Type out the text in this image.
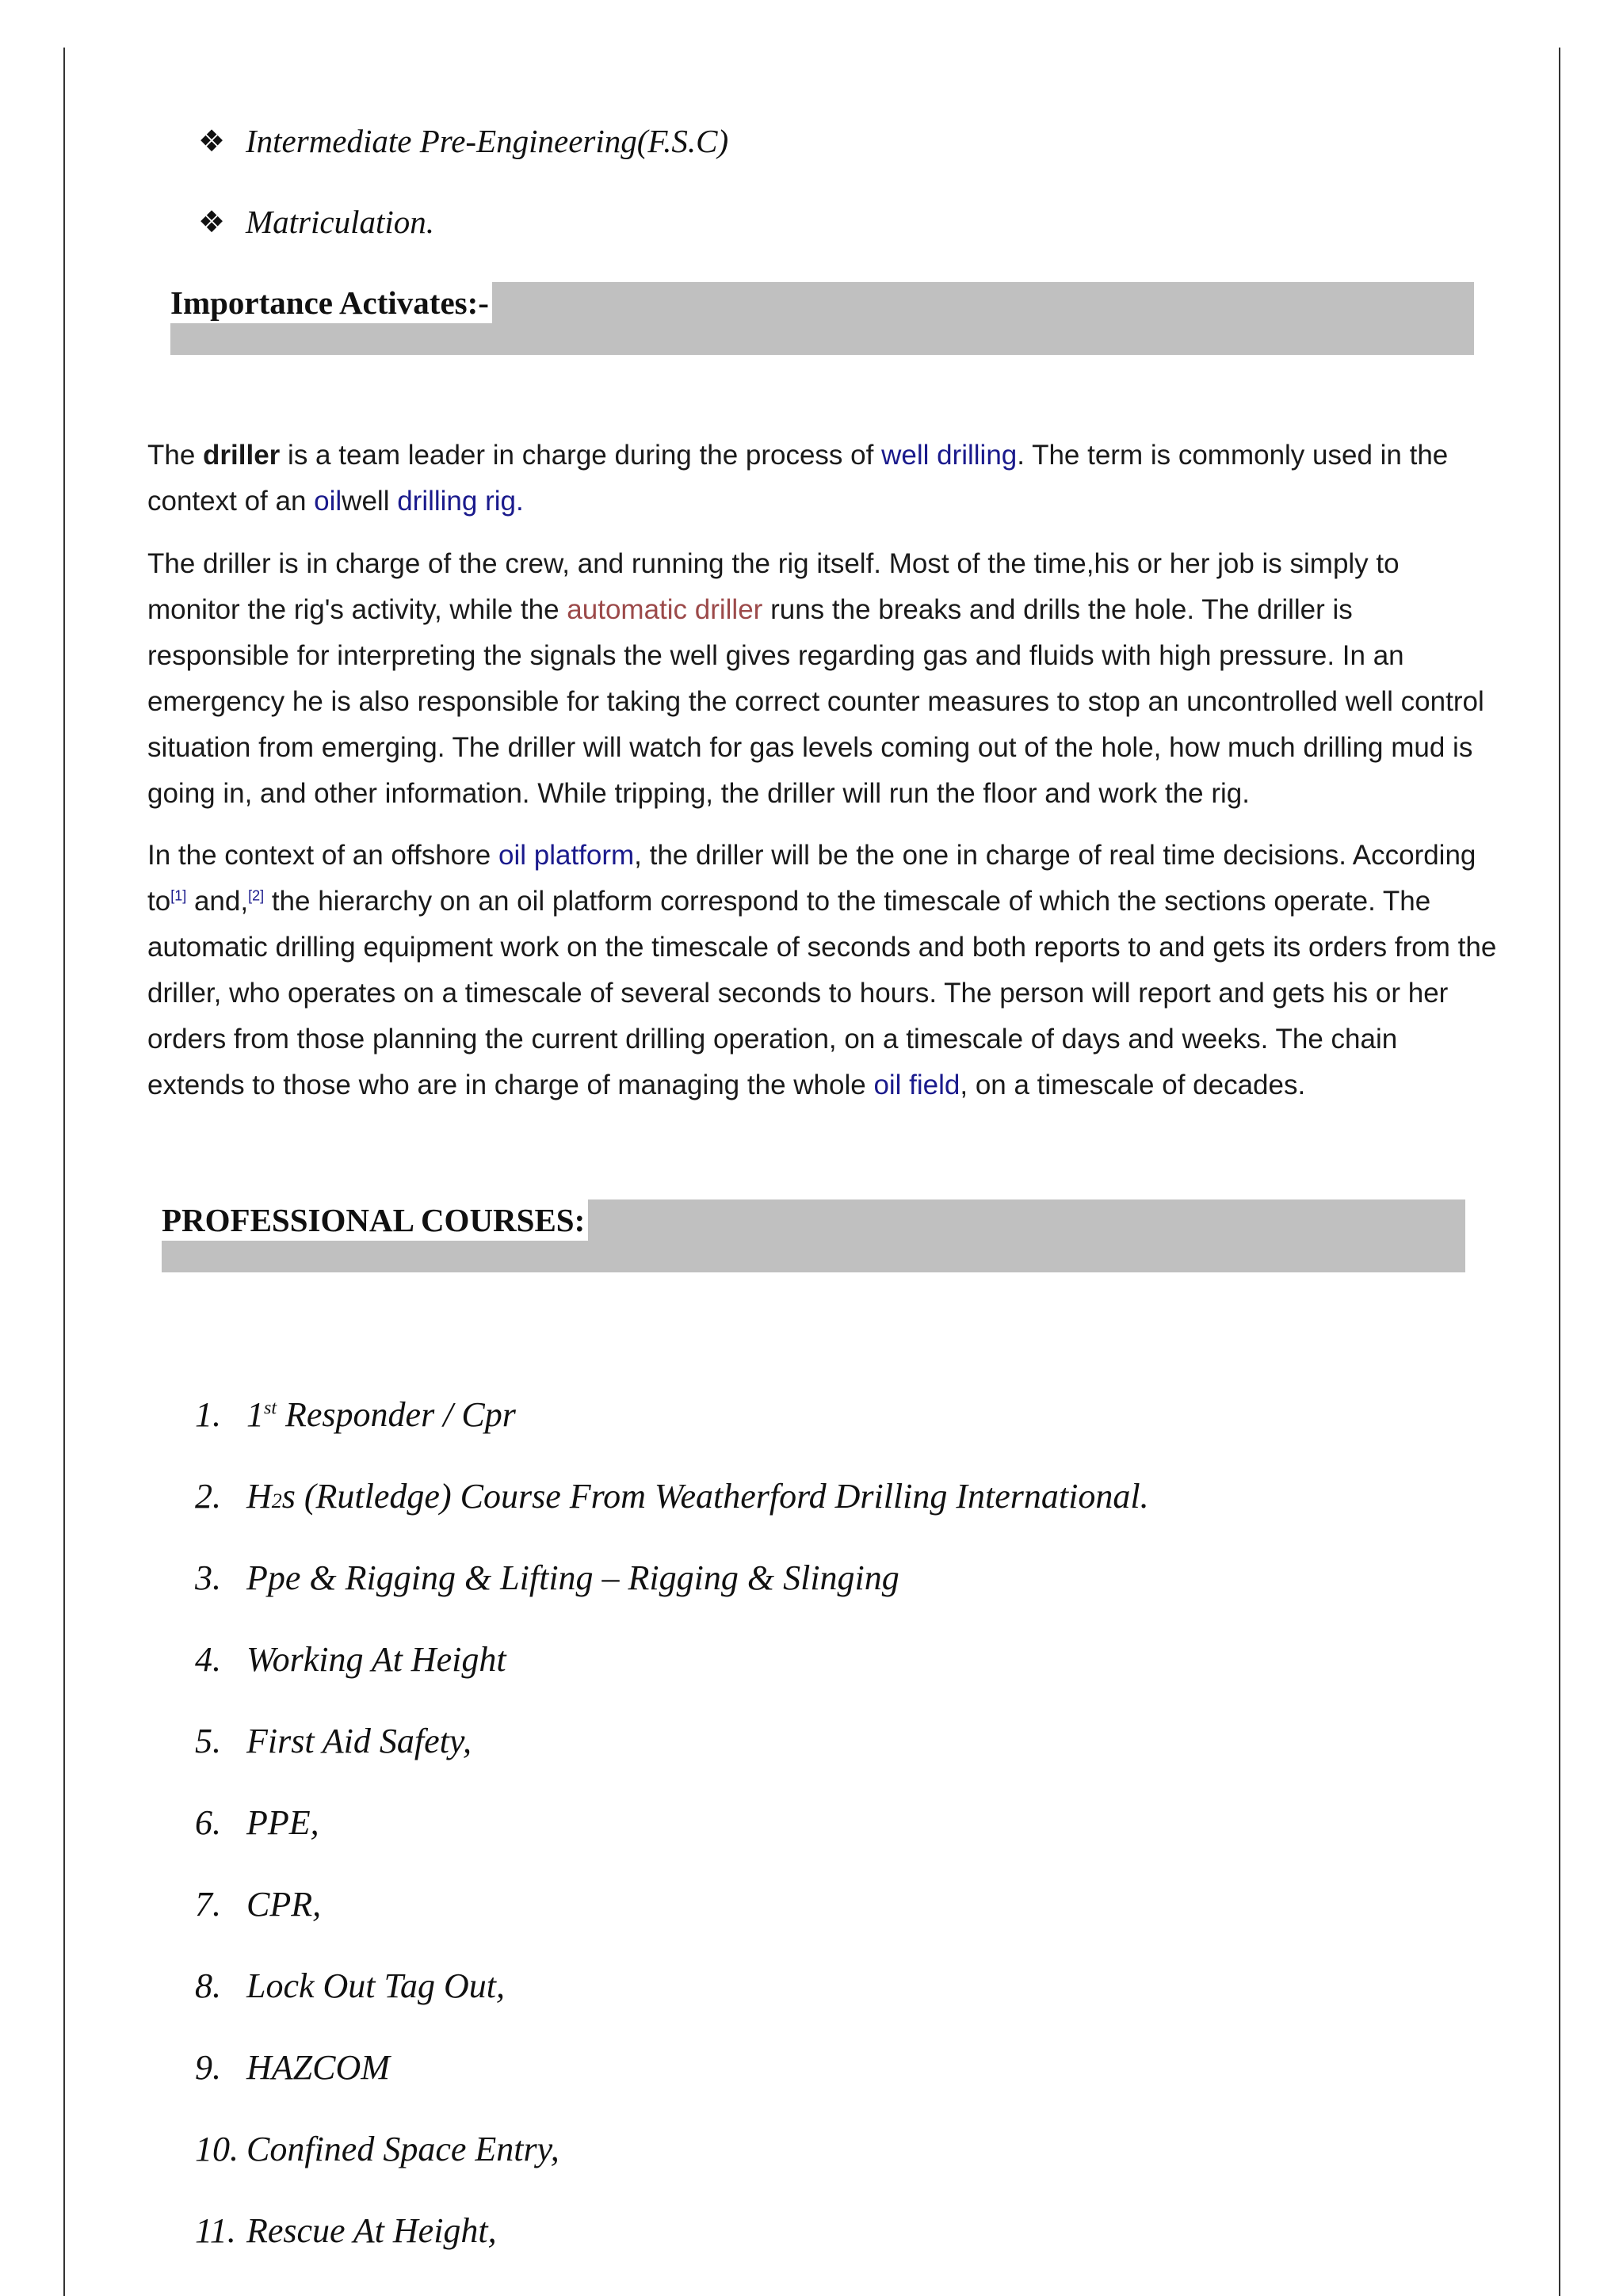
❖ Intermediate Pre-Engineering(F.S.C)
❖ Matriculation.
Importance Activates:-

The driller is a team leader in charge during the process of well drilling. The term is commonly used in the context of an oilwell drilling rig.

The driller is in charge of the crew, and running the rig itself. Most of the time,his or her job is simply to monitor the rig's activity, while the automatic driller runs the breaks and drills the hole. The driller is responsible for interpreting the signals the well gives regarding gas and fluids with high pressure. In an emergency he is also responsible for taking the correct counter measures to stop an uncontrolled well control situation from emerging. The driller will watch for gas levels coming out of the hole, how much drilling mud is going in, and other information. While tripping, the driller will run the floor and work the rig.

In the context of an offshore oil platform, the driller will be the one in charge of real time decisions. According to[1] and,[2] the hierarchy on an oil platform correspond to the timescale of which the sections operate. The automatic drilling equipment work on the timescale of seconds and both reports to and gets its orders from the driller, who operates on a timescale of several seconds to hours. The person will report and gets his or her orders from those planning the current drilling operation, on a timescale of days and weeks. The chain extends to those who are in charge of managing the whole oil field, on a timescale of decades.

PROFESSIONAL COURSES:
1. 1st Responder / Cpr
2. H2s (Rutledge) Course From Weatherford Drilling International.
3. Ppe & Rigging & Lifting – Rigging & Slinging
4. Working At Height
5. First Aid Safety,
6. PPE,
7. CPR,
8. Lock Out Tag Out,
9. HAZCOM
10. Confined Space Entry,
11. Rescue At Height,
